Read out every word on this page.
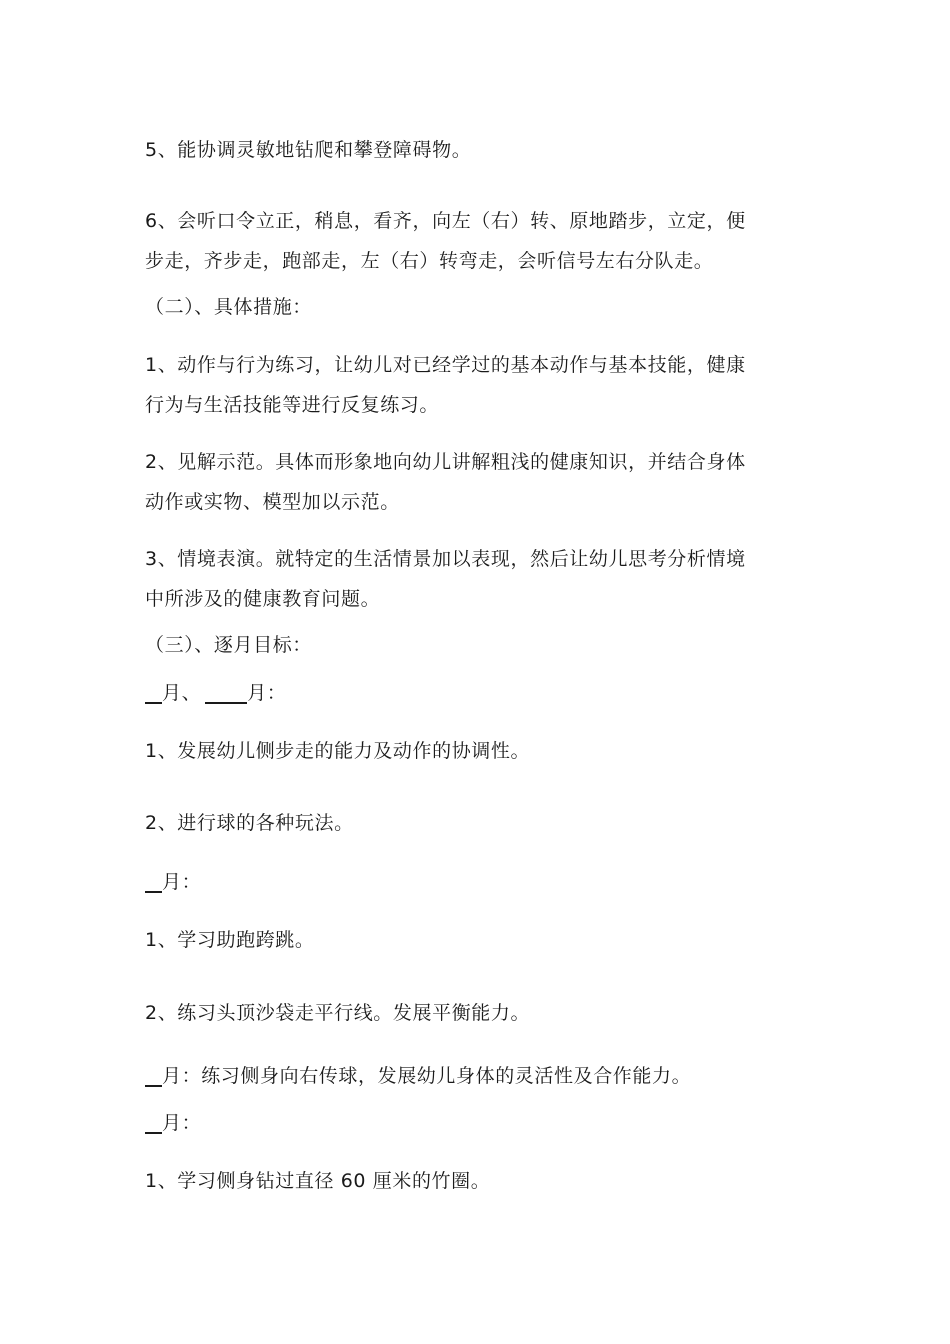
5、能协调灵敏地钻爬和攀登障碍物。
6、会听口令立正，稍息，看齐，向左（右）转、原地踏步，立定，便
步走，齐步走，跑部走，左（右）转弯走，会听信号左右分队走。
（二）、具体措施：
1、动作与行为练习，让幼儿对已经学过的基本动作与基本技能，健康
行为与生活技能等进行反复练习。
2、见解示范。具体而形象地向幼儿讲解粗浅的健康知识，并结合身体
动作或实物、模型加以示范。
3、情境表演。就特定的生活情景加以表现，然后让幼儿思考分析情境
中所涉及的健康教育问题。
（三）、逐月目标：
月、 月：
1、发展幼儿侧步走的能力及动作的协调性。
2、进行球的各种玩法。
月：
1、学习助跑跨跳。
2、练习头顶沙袋走平行线。发展平衡能力。
月：练习侧身向右传球，发展幼儿身体的灵活性及合作能力。
月：
1、学习侧身钻过直径 60 厘米的竹圈。
